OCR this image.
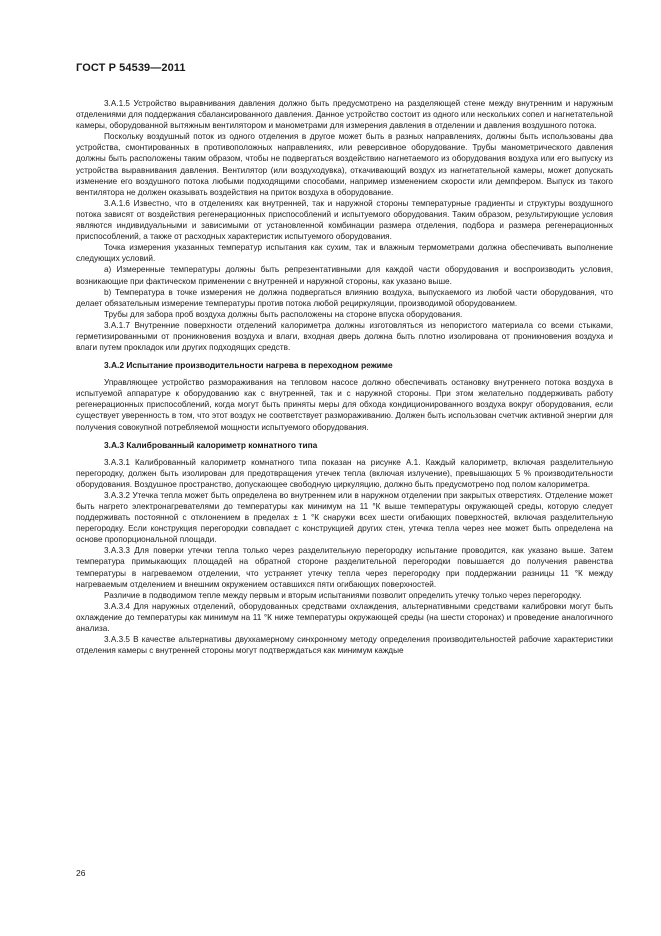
ГОСТ Р 54539—2011

3.А.1.5 Устройство выравнивания давления должно быть предусмотрено на разделяющей стене между внутренним и наружным отделениями для поддержания сбалансированного давления. Данное устройство состоит из одного или нескольких сопел и нагнетательной камеры, оборудованной вытяжным вентилятором и манометрами для измерения давления в отделении и давления воздушного потока.

Поскольку воздушный поток из одного отделения в другое может быть в разных направлениях, должны быть использованы два устройства, смонтированных в противоположных направлениях, или реверсивное оборудование. Трубы манометрического давления должны быть расположены таким образом, чтобы не подвергаться воздействию нагнетаемого из оборудования воздуха или его выпуску из устройства выравнивания давления. Вентилятор (или воздуходувка), откачивающий воздух из нагнетательной камеры, может допускать изменение его воздушного потока любыми подходящими способами, например изменением скорости или демпфером. Выпуск из такого вентилятора не должен оказывать воздействия на приток воздуха в оборудование.

3.А.1.6 Известно, что в отделениях как внутренней, так и наружной стороны температурные градиенты и структуры воздушного потока зависят от воздействия регенерационных приспособлений и испытуемого оборудования. Таким образом, результирующие условия являются индивидуальными и зависимыми от установленной комбинации размера отделения, подбора и размера регенерационных приспособлений, а также от расходных характеристик испытуемого оборудования.

Точка измерения указанных температур испытания как сухим, так и влажным термометрами должна обеспечивать выполнение следующих условий.

a) Измеренные температуры должны быть репрезентативными для каждой части оборудования и воспроизводить условия, возникающие при фактическом применении с внутренней и наружной стороны, как указано выше.

b) Температура в точке измерения не должна подвергаться влиянию воздуха, выпускаемого из любой части оборудования, что делает обязательным измерение температуры против потока любой рециркуляции, производимой оборудованием.

Трубы для забора проб воздуха должны быть расположены на стороне впуска оборудования.

3.А.1.7 Внутренние поверхности отделений калориметра должны изготовляться из непористого материала со всеми стыками, герметизированными от проникновения воздуха и влаги, входная дверь должна быть плотно изолирована от проникновения воздуха и влаги путем прокладок или других подходящих средств.

3.А.2 Испытание производительности нагрева в переходном режиме

Управляющее устройство размораживания на тепловом насосе должно обеспечивать остановку внутреннего потока воздуха в испытуемой аппаратуре к оборудованию как с внутренней, так и с наружной стороны. При этом желательно поддерживать работу регенерационных приспособлений, когда могут быть приняты меры для обхода кондиционированного воздуха вокруг оборудования, если существует уверенность в том, что этот воздух не соответствует размораживанию. Должен быть использован счетчик активной энергии для получения совокупной потребляемой мощности испытуемого оборудования.

3.А.3 Калиброванный калориметр комнатного типа

3.А.3.1 Калиброванный калориметр комнатного типа показан на рисунке А.1. Каждый калориметр, включая разделительную перегородку, должен быть изолирован для предотвращения утечек тепла (включая излучение), превышающих 5 % производительности оборудования. Воздушное пространство, допускающее свободную циркуляцию, должно быть предусмотрено под полом калориметра.

3.А.3.2 Утечка тепла может быть определена во внутреннем или в наружном отделении при закрытых отверстиях. Отделение может быть нагрето электронагревателями до температуры как минимум на 11 °К выше температуры окружающей среды, которую следует поддерживать постоянной с отклонением в пределах ± 1 °К снаружи всех шести огибающих поверхностей, включая разделительную перегородку. Если конструкция перегородки совпадает с конструкцией других стен, утечка тепла через нее может быть определена на основе пропорциональной площади.

3.А.3.3 Для поверки утечки тепла только через разделительную перегородку испытание проводится, как указано выше. Затем температура примыкающих площадей на обратной стороне разделительной перегородки повышается до получения равенства температуры в нагреваемом отделении, что устраняет утечку тепла через перегородку при поддержании разницы 11 °К между нагреваемым отделением и внешним окружением оставшихся пяти огибающих поверхностей.

Различие в подводимом тепле между первым и вторым испытаниями позволит определить утечку только через перегородку.

3.А.3.4 Для наружных отделений, оборудованных средствами охлаждения, альтернативными средствами калибровки могут быть охлаждение до температуры как минимум на 11 °К ниже температуры окружающей среды (на шести сторонах) и проведение аналогичного анализа.

3.А.3.5 В качестве альтернативы двухкамерному синхронному методу определения производительностей рабочие характеристики отделения камеры с внутренней стороны могут подтверждаться как минимум каждые

26
